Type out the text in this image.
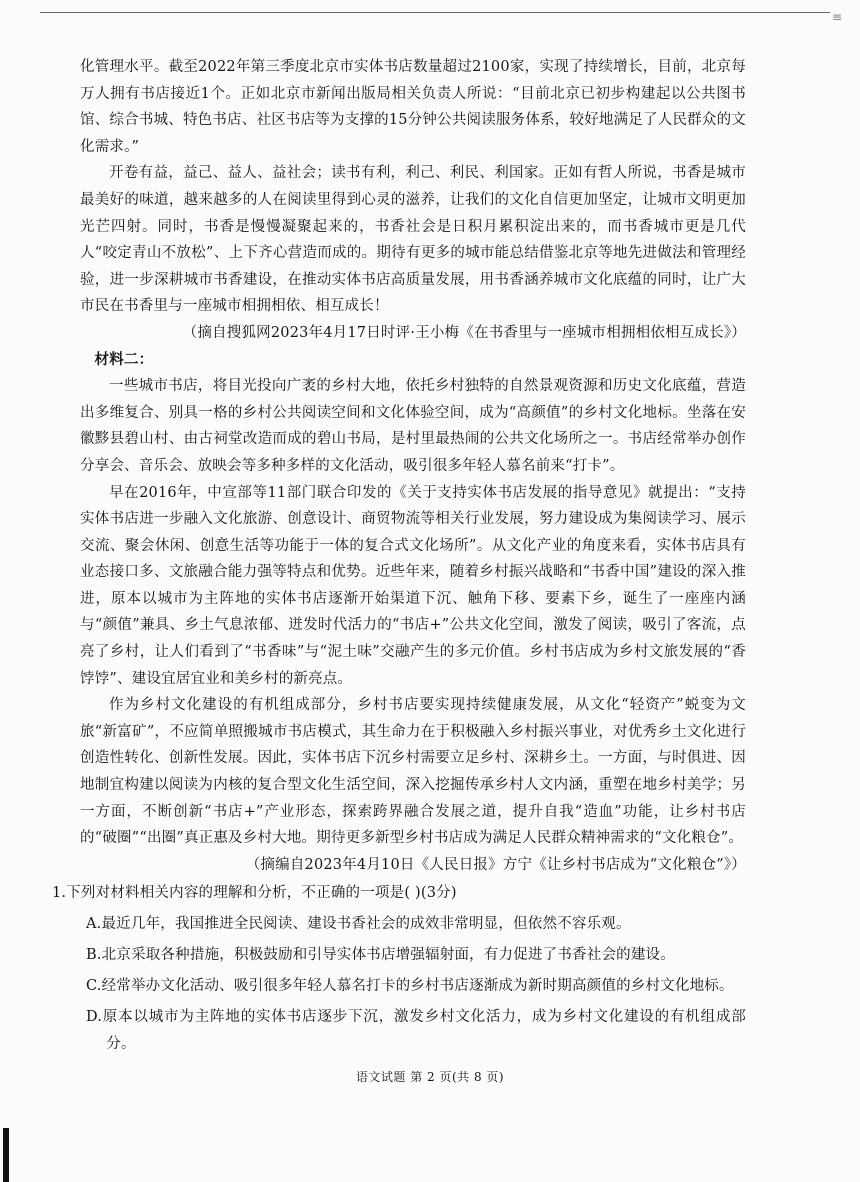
≡

化管理水平。截至2022年第三季度北京市实体书店数量超过2100家，实现了持续增长，目前，北京每万人拥有书店接近1个。正如北京市新闻出版局相关负责人所说：“目前北京已初步构建起以公共图书馆、综合书城、特色书店、社区书店等为支撑的15分钟公共阅读服务体系，较好地满足了人民群众的文化需求。”

开卷有益，益己、益人、益社会；读书有利，利己、利民、利国家。正如有哲人所说，书香是城市最美好的味道，越来越多的人在阅读里得到心灵的滋养，让我们的文化自信更加坚定，让城市文明更加光芒四射。同时，书香是慢慢凝聚起来的，书香社会是日积月累积淀出来的，而书香城市更是几代人“咬定青山不放松”、上下齐心营造而成的。期待有更多的城市能总结借鉴北京等地先进做法和管理经验，进一步深耕城市书香建设，在推动实体书店高质量发展，用书香涵养城市文化底蕴的同时，让广大市民在书香里与一座城市相拥相依、相互成长！

（摘自搜狐网2023年4月17日时评·王小梅《在书香里与一座城市相拥相依相互成长》）

材料二：

一些城市书店，将目光投向广袤的乡村大地，依托乡村独特的自然景观资源和历史文化底蕴，营造出多维复合、别具一格的乡村公共阅读空间和文化体验空间，成为“高颜值”的乡村文化地标。坐落在安徽黟县碧山村、由古祠堂改造而成的碧山书局，是村里最热闹的公共文化场所之一。书店经常举办创作分享会、音乐会、放映会等多种多样的文化活动，吸引很多年轻人慕名前来“打卡”。

早在2016年，中宣部等11部门联合印发的《关于支持实体书店发展的指导意见》就提出：“支持实体书店进一步融入文化旅游、创意设计、商贸物流等相关行业发展，努力建设成为集阅读学习、展示交流、聚会休闲、创意生活等功能于一体的复合式文化场所”。从文化产业的角度来看，实体书店具有业态接口多、文旅融合能力强等特点和优势。近些年来，随着乡村振兴战略和“书香中国”建设的深入推进，原本以城市为主阵地的实体书店逐渐开始渠道下沉、触角下移、要素下乡，诞生了一座座内涵与“颜值”兼具、乡土气息浓郁、迸发时代活力的“书店+”公共文化空间，激发了阅读，吸引了客流，点亮了乡村，让人们看到了“书香味”与“泥土味”交融产生的多元价值。乡村书店成为乡村文旅发展的“香饽饽”、建设宜居宜业和美乡村的新亮点。

作为乡村文化建设的有机组成部分，乡村书店要实现持续健康发展，从文化“轻资产”蜕变为文旅“新富矿”，不应简单照搬城市书店模式，其生命力在于积极融入乡村振兴事业，对优秀乡土文化进行创造性转化、创新性发展。因此，实体书店下沉乡村需要立足乡村、深耕乡土。一方面，与时俱进、因地制宜构建以阅读为内核的复合型文化生活空间，深入挖掘传承乡村人文内涵，重塑在地乡村美学；另一方面，不断创新“书店+”产业形态，探索跨界融合发展之道，提升自我“造血”功能，让乡村书店的“破圈”“出圈”真正惠及乡村大地。期待更多新型乡村书店成为满足人民群众精神需求的“文化粮仓”。

（摘编自2023年4月10日《人民日报》方宁《让乡村书店成为“文化粮仓”》）

1.下列对材料相关内容的理解和分析，不正确的一项是( )(3分)

A.最近几年，我国推进全民阅读、建设书香社会的成效非常明显，但依然不容乐观。

B.北京采取各种措施，积极鼓励和引导实体书店增强辐射面，有力促进了书香社会的建设。

C.经常举办文化活动、吸引很多年轻人慕名打卡的乡村书店逐渐成为新时期高颜值的乡村文化地标。

D.原本以城市为主阵地的实体书店逐步下沉，激发乡村文化活力，成为乡村文化建设的有机组成部分。

语文试题 第 2 页(共 8 页)
